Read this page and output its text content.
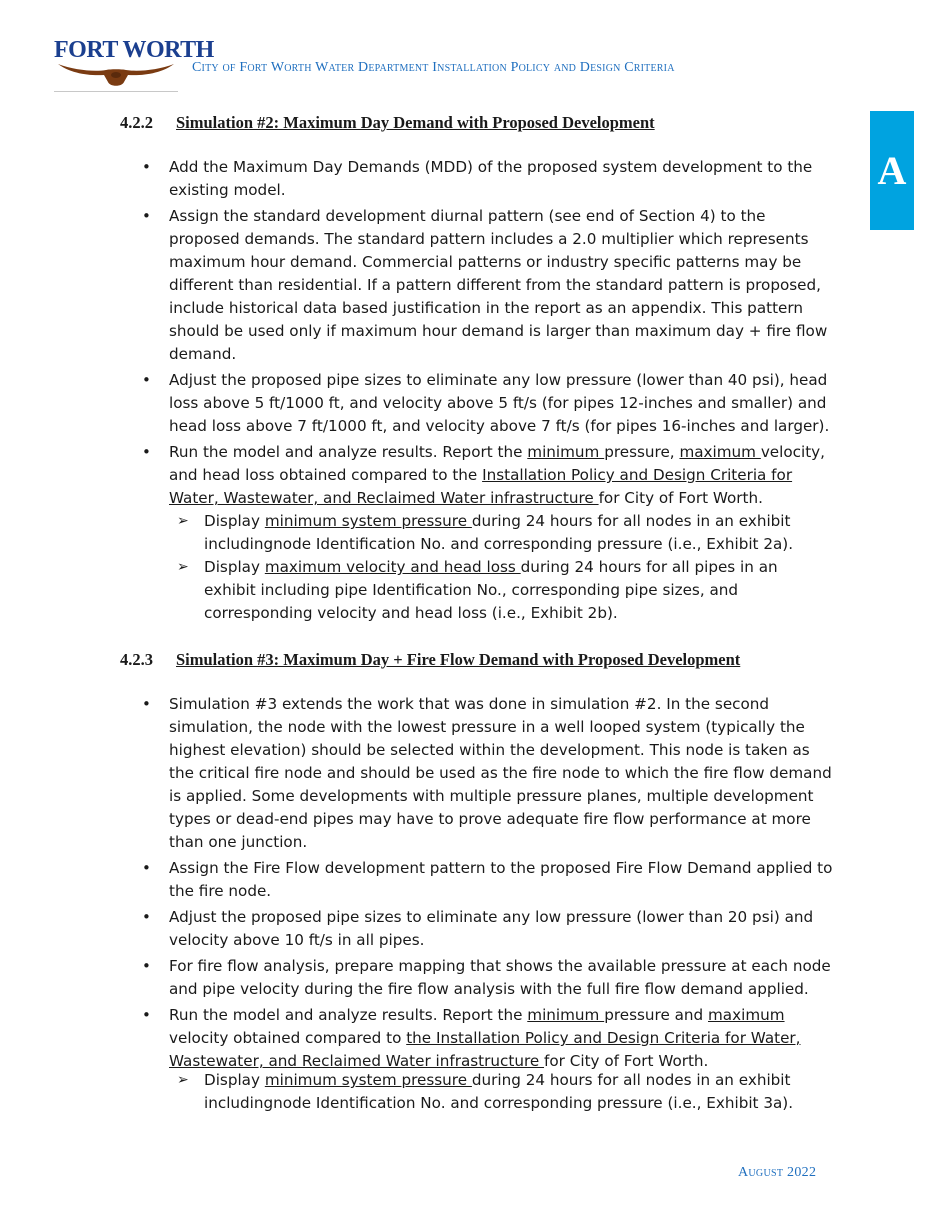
FORT WORTH
City of Fort Worth Water Department Installation Policy and Design Criteria
A
4.2.2 Simulation #2: Maximum Day Demand with Proposed Development
• Add the Maximum Day Demands (MDD) of the proposed system development to the existing model.
• Assign the standard development diurnal pattern (see end of Section 4) to the proposed demands. The standard pattern includes a 2.0 multiplier which represents maximum hour demand. Commercial patterns or industry specific patterns may be different than residential. If a pattern different from the standard pattern is proposed, include historical data based justification in the report as an appendix. This pattern should be used only if maximum hour demand is larger than maximum day + fire flow demand.
• Adjust the proposed pipe sizes to eliminate any low pressure (lower than 40 psi), head loss above 5 ft/1000 ft, and velocity above 5 ft/s (for pipes 12-inches and smaller) and head loss above 7 ft/1000 ft, and velocity above 7 ft/s (for pipes 16-inches and larger).
• Run the model and analyze results. Report the minimum pressure, maximum velocity, and head loss obtained compared to the Installation Policy and Design Criteria for Water, Wastewater, and Reclaimed Water infrastructure for City of Fort Worth.
➢ Display minimum system pressure during 24 hours for all nodes in an exhibit includingnode Identification No. and corresponding pressure (i.e., Exhibit 2a).
➢ Display maximum velocity and head loss during 24 hours for all pipes in an exhibit including pipe Identification No., corresponding pipe sizes, and corresponding velocity and head loss (i.e., Exhibit 2b).
4.2.3 Simulation #3: Maximum Day + Fire Flow Demand with Proposed Development
• Simulation #3 extends the work that was done in simulation #2. In the second simulation, the node with the lowest pressure in a well looped system (typically the highest elevation) should be selected within the development. This node is taken as the critical fire node and should be used as the fire node to which the fire flow demand is applied. Some developments with multiple pressure planes, multiple development types or dead-end pipes may have to prove adequate fire flow performance at more than one junction.
• Assign the Fire Flow development pattern to the proposed Fire Flow Demand applied to the fire node.
• Adjust the proposed pipe sizes to eliminate any low pressure (lower than 20 psi) and velocity above 10 ft/s in all pipes.
• For fire flow analysis, prepare mapping that shows the available pressure at each node and pipe velocity during the fire flow analysis with the full fire flow demand applied.
• Run the model and analyze results. Report the minimum pressure and maximum velocity obtained compared to the Installation Policy and Design Criteria for Water, Wastewater, and Reclaimed Water infrastructure for City of Fort Worth.
➢ Display minimum system pressure during 24 hours for all nodes in an exhibit includingnode Identification No. and corresponding pressure (i.e., Exhibit 3a).
August 2022
